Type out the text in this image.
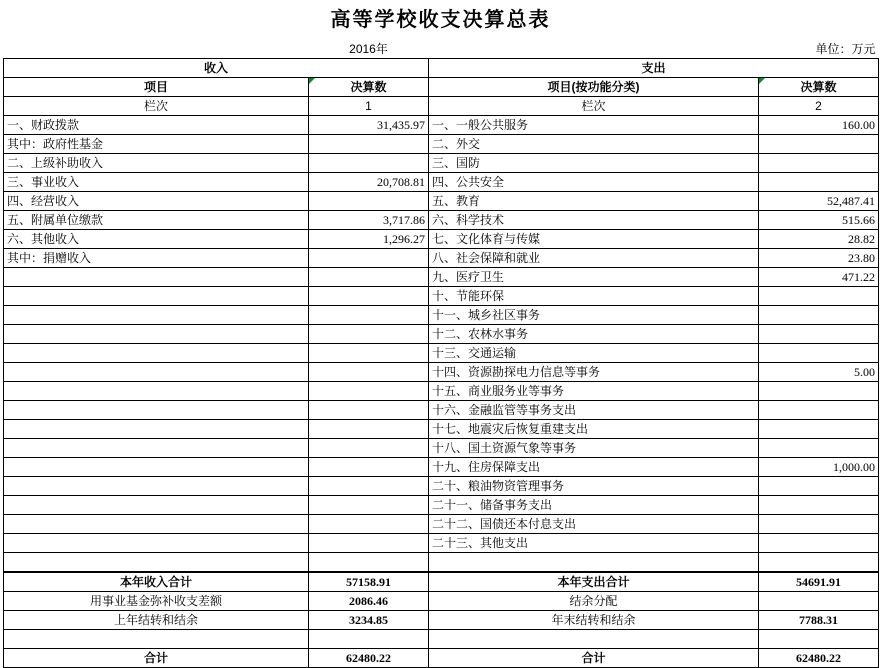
高等学校收支决算总表
	2016年		单位：万元
收入		支出	
项目	决算数	项目(按功能分类)	决算数
栏次	1	栏次	2
一、财政拨款	31,435.97	一、一般公共服务	160.00
其中：政府性基金		二、外交	
二、上级补助收入		三、国防	
三、事业收入	20,708.81	四、公共安全	
四、经营收入		五、教育	52,487.41
五、附属单位缴款	3,717.86	六、科学技术	515.66
六、其他收入	1,296.27	七、文化体育与传媒	28.82
其中：捐赠收入		八、社会保障和就业	23.80
		九、医疗卫生	471.22
		十、节能环保	
		十一、城乡社区事务	
		十二、农林水事务	
		十三、交通运输	
		十四、资源勘探电力信息等事务	5.00
		十五、商业服务业等事务	
		十六、金融监管等事务支出	
		十七、地震灾后恢复重建支出	
		十八、国土资源气象等事务	
		十九、住房保障支出	1,000.00
		二十、粮油物资管理事务	
		二十一、储备事务支出	
		二十二、国债还本付息支出	
		二十三、其他支出	

本年收入合计	57158.91	本年支出合计	54691.91
用事业基金弥补收支差额	2086.46	结余分配	
上年结转和结余	3234.85	年末结转和结余	7788.31

合计	62480.22	合计	62480.22
